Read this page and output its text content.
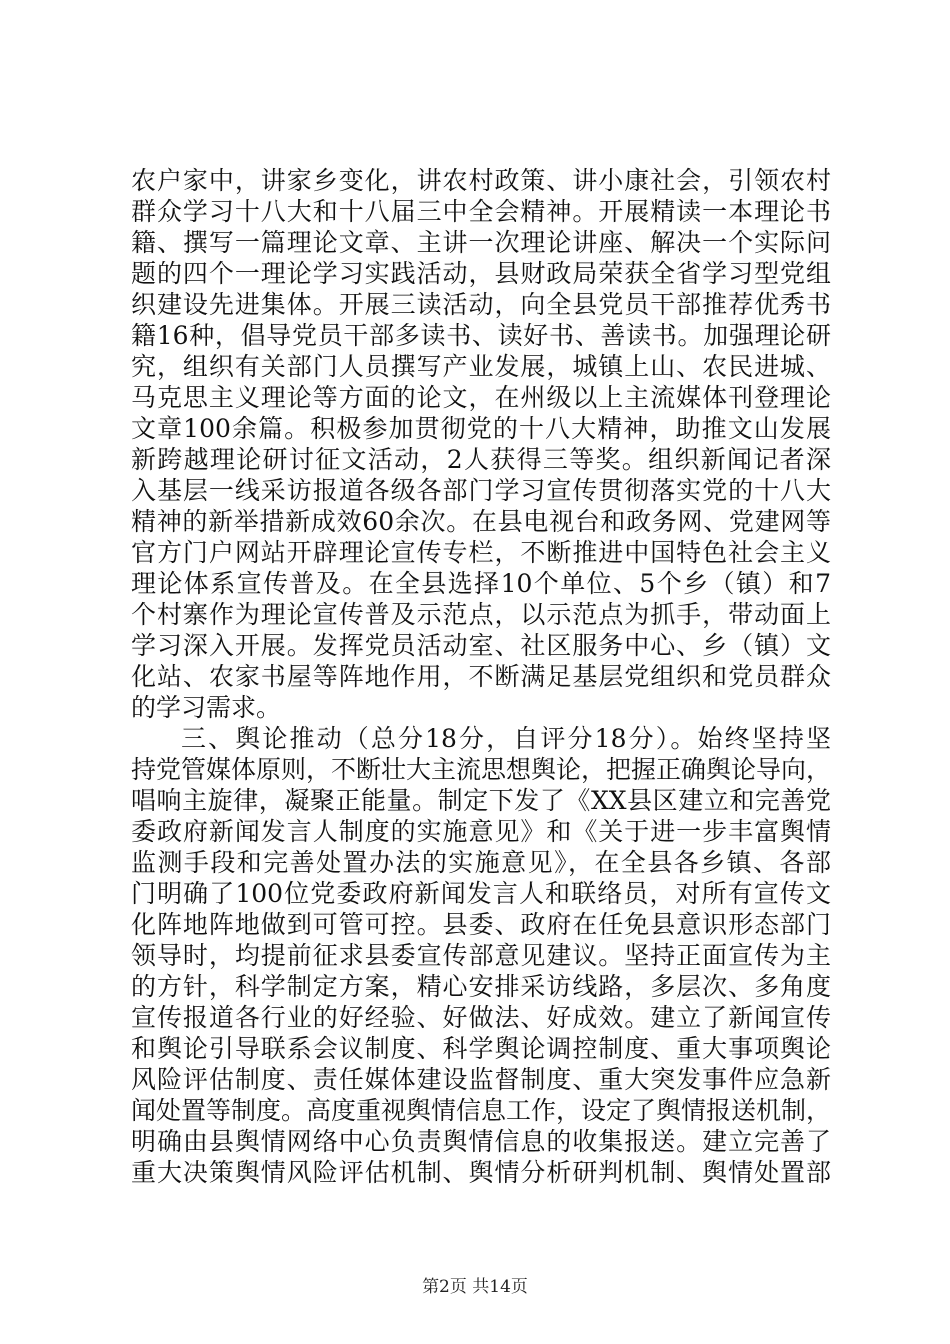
农户家中，讲家乡变化，讲农村政策、讲小康社会，引领农村
群众学习十八大和十八届三中全会精神。开展精读一本理论书
籍、撰写一篇理论文章、主讲一次理论讲座、解决一个实际问
题的四个一理论学习实践活动，县财政局荣获全省学习型党组
织建设先进集体。开展三读活动，向全县党员干部推荐优秀书
籍16种，倡导党员干部多读书、读好书、善读书。加强理论研
究，组织有关部门人员撰写产业发展，城镇上山、农民进城、
马克思主义理论等方面的论文，在州级以上主流媒体刊登理论
文章100余篇。积极参加贯彻党的十八大精神，助推文山发展
新跨越理论研讨征文活动，2人获得三等奖。组织新闻记者深
入基层一线采访报道各级各部门学习宣传贯彻落实党的十八大
精神的新举措新成效60余次。在县电视台和政务网、党建网等
官方门户网站开辟理论宣传专栏，不断推进中国特色社会主义
理论体系宣传普及。在全县选择10个单位、5个乡（镇）和7
个村寨作为理论宣传普及示范点，以示范点为抓手，带动面上
学习深入开展。发挥党员活动室、社区服务中心、乡（镇）文
化站、农家书屋等阵地作用，不断满足基层党组织和党员群众
的学习需求。
三、舆论推动（总分18分，自评分18分）。始终坚持坚
持党管媒体原则，不断壮大主流思想舆论，把握正确舆论导向，
唱响主旋律，凝聚正能量。制定下发了《XX县区建立和完善党
委政府新闻发言人制度的实施意见》和《关于进一步丰富舆情
监测手段和完善处置办法的实施意见》，在全县各乡镇、各部
门明确了100位党委政府新闻发言人和联络员，对所有宣传文
化阵地阵地做到可管可控。县委、政府在任免县意识形态部门
领导时，均提前征求县委宣传部意见建议。坚持正面宣传为主
的方针，科学制定方案，精心安排采访线路，多层次、多角度
宣传报道各行业的好经验、好做法、好成效。建立了新闻宣传
和舆论引导联系会议制度、科学舆论调控制度、重大事项舆论
风险评估制度、责任媒体建设监督制度、重大突发事件应急新
闻处置等制度。高度重视舆情信息工作，设定了舆情报送机制，
明确由县舆情网络中心负责舆情信息的收集报送。建立完善了
重大决策舆情风险评估机制、舆情分析研判机制、舆情处置部
第2页 共14页
